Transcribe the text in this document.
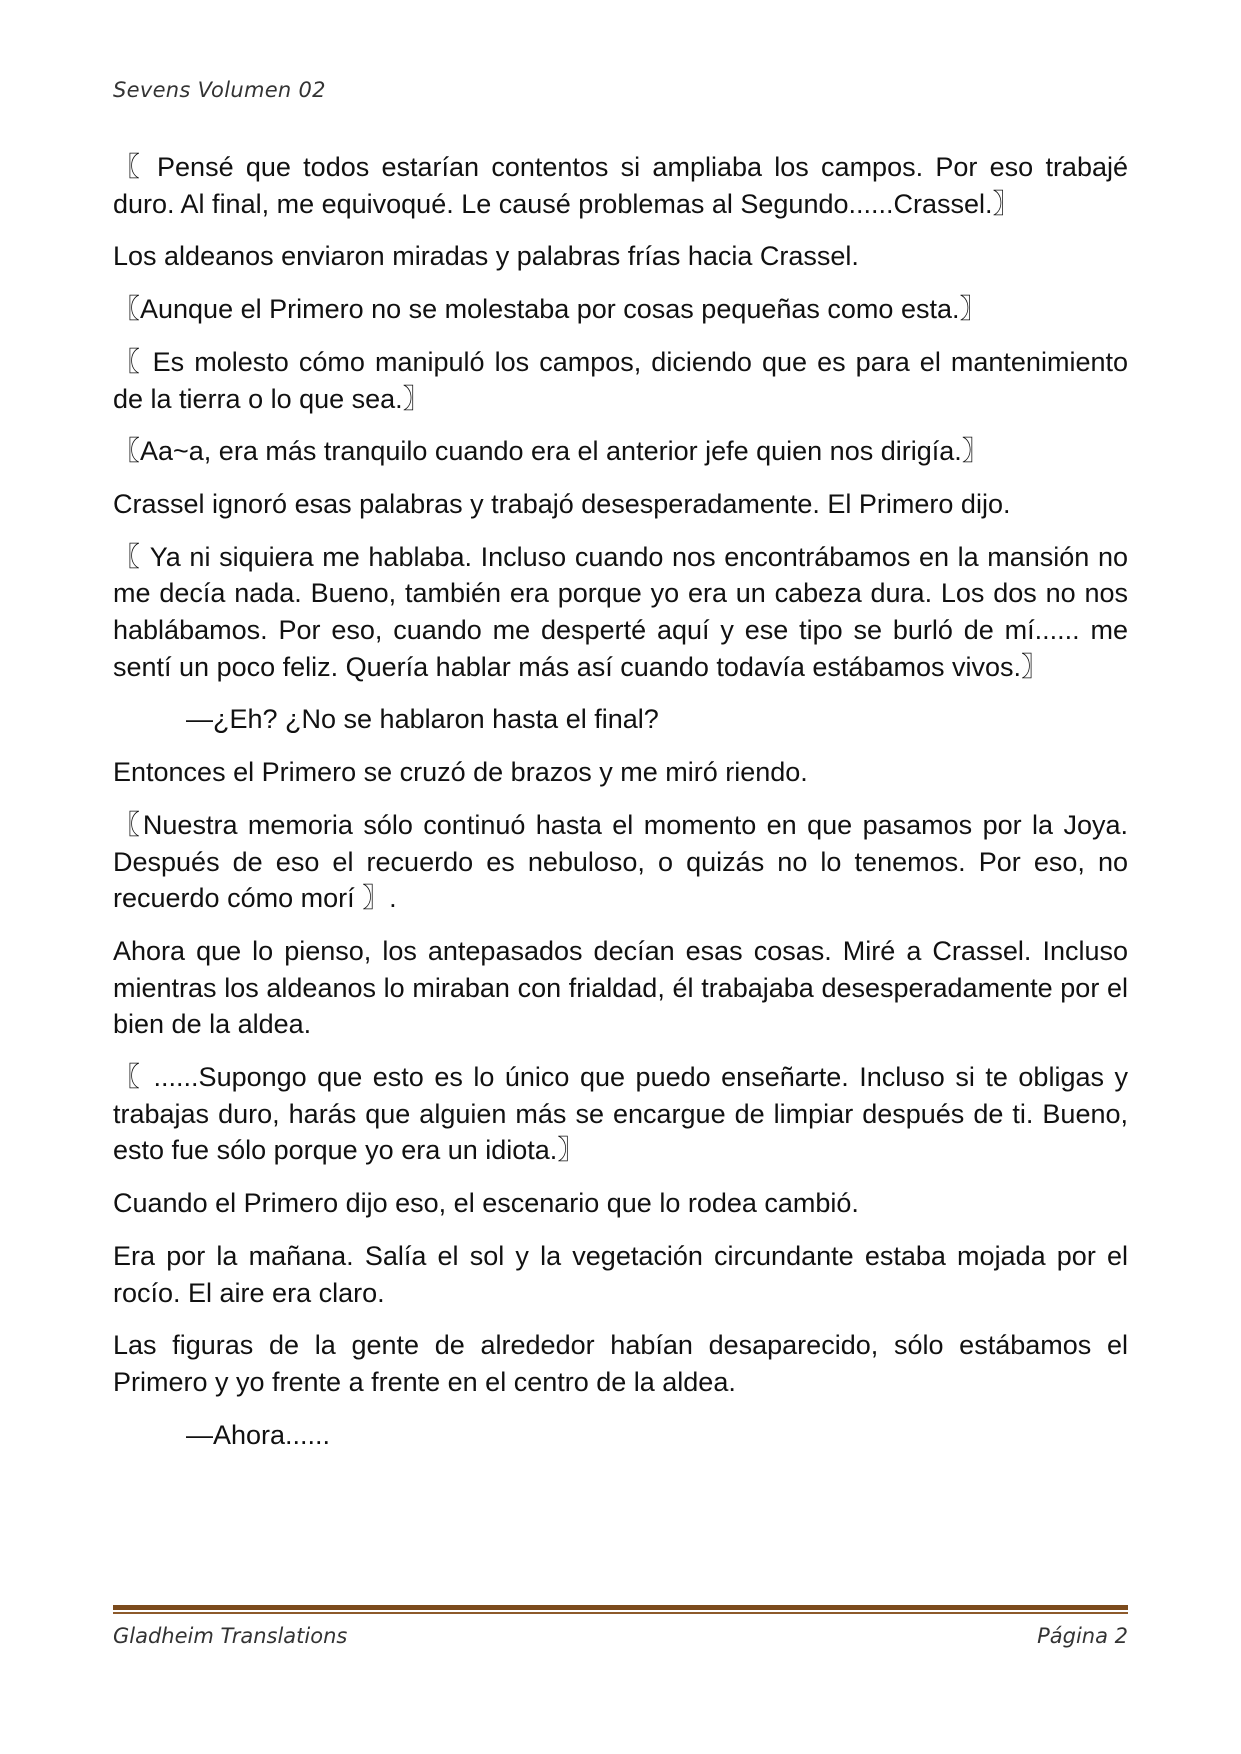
Sevens Volumen 02

〖 Pensé que todos estarían contentos si ampliaba los campos. Por eso trabajé duro. Al final, me equivoqué. Le causé problemas al Segundo......Crassel.〗

Los aldeanos enviaron miradas y palabras frías hacia Crassel.

〖Aunque el Primero no se molestaba por cosas pequeñas como esta.〗

〖 Es molesto cómo manipuló los campos, diciendo que es para el mantenimiento de la tierra o lo que sea.〗

〖Aa~a, era más tranquilo cuando era el anterior jefe quien nos dirigía.〗

Crassel ignoró esas palabras y trabajó desesperadamente. El Primero dijo.

〖 Ya ni siquiera me hablaba. Incluso cuando nos encontrábamos en la mansión no me decía nada. Bueno, también era porque yo era un cabeza dura. Los dos no nos hablábamos. Por eso, cuando me desperté aquí y ese tipo se burló de mí...... me sentí un poco feliz. Quería hablar más así cuando todavía estábamos vivos.〗

—¿Eh? ¿No se hablaron hasta el final?

Entonces el Primero se cruzó de brazos y me miró riendo.

〖Nuestra memoria sólo continuó hasta el momento en que pasamos por la Joya. Después de eso el recuerdo es nebuloso, o quizás no lo tenemos. Por eso, no recuerdo cómo morí 〗.

Ahora que lo pienso, los antepasados decían esas cosas. Miré a Crassel. Incluso mientras los aldeanos lo miraban con frialdad, él trabajaba desesperadamente por el bien de la aldea.

〖 ......Supongo que esto es lo único que puedo enseñarte. Incluso si te obligas y trabajas duro, harás que alguien más se encargue de limpiar después de ti. Bueno, esto fue sólo porque yo era un idiota.〗

Cuando el Primero dijo eso, el escenario que lo rodea cambió.

Era por la mañana. Salía el sol y la vegetación circundante estaba mojada por el rocío. El aire era claro.

Las figuras de la gente de alrededor habían desaparecido, sólo estábamos el Primero y yo frente a frente en el centro de la aldea.

—Ahora......

Gladheim Translations	Página 2
